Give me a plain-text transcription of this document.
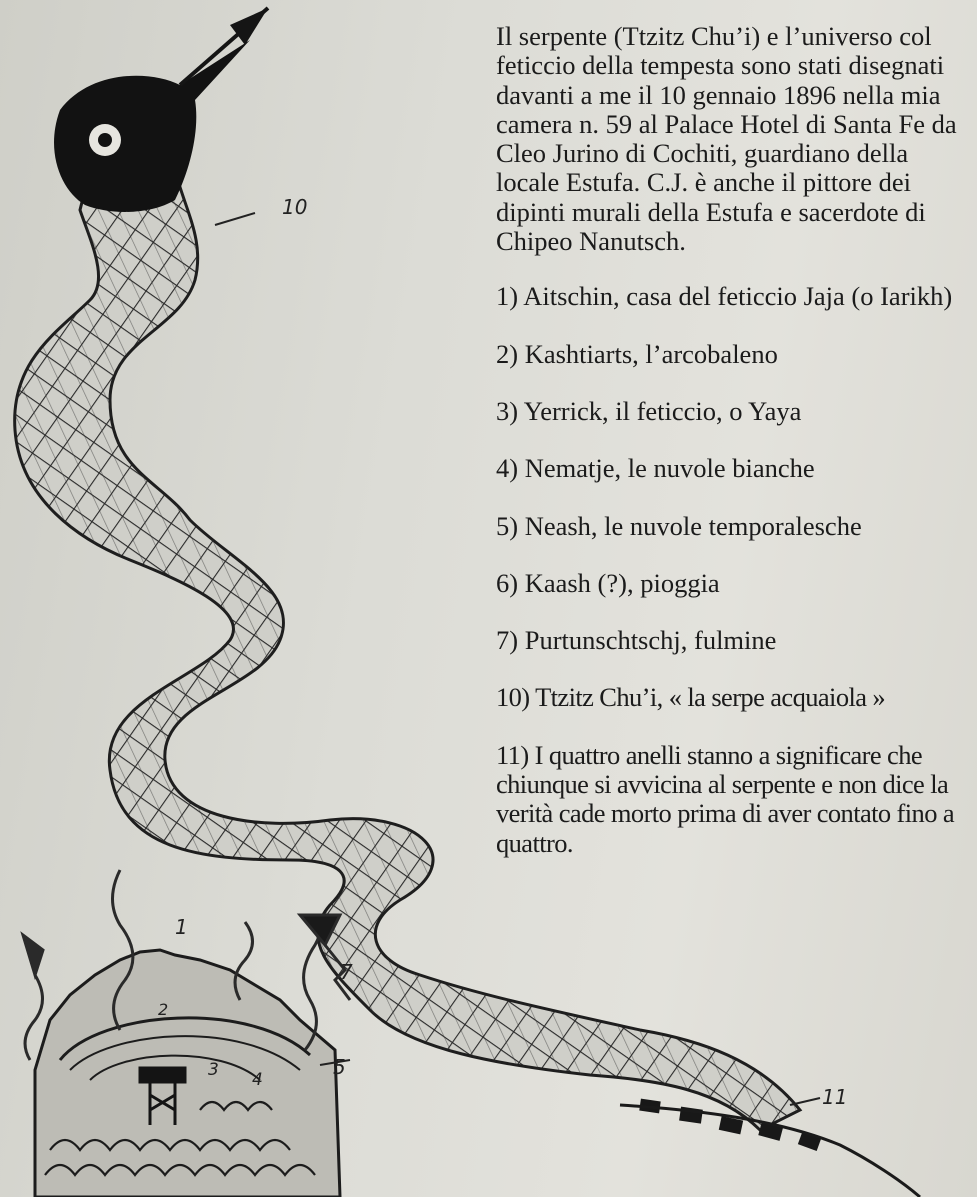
10
11
1
2
3 4
5
7

Il serpente (Ttzitz Chu’i) e l’universo col feticcio della tempesta sono stati disegnati davanti a me il 10 gennaio 1896 nella mia camera n. 59 al Palace Hotel di Santa Fe da Cleo Jurino di Cochiti, guardiano della locale Estufa. C.J. è anche il pittore dei dipinti murali della Estufa e sacerdote di Chipeo Nanutsch.

1) Aitschin, casa del feticcio Jaja (o Iarikh)

2) Kashtiarts, l’arcobaleno

3) Yerrick, il feticcio, o Yaya

4) Nematje, le nuvole bianche

5) Neash, le nuvole temporalesche

6) Kaash (?), pioggia

7) Purtunschtschj, fulmine

10) Ttzitz Chu’i, « la serpe acquaiola »

11) I quattro anelli stanno a significare che chiunque si avvicina al serpente e non dice la verità cade morto prima di aver contato fino a quattro.
